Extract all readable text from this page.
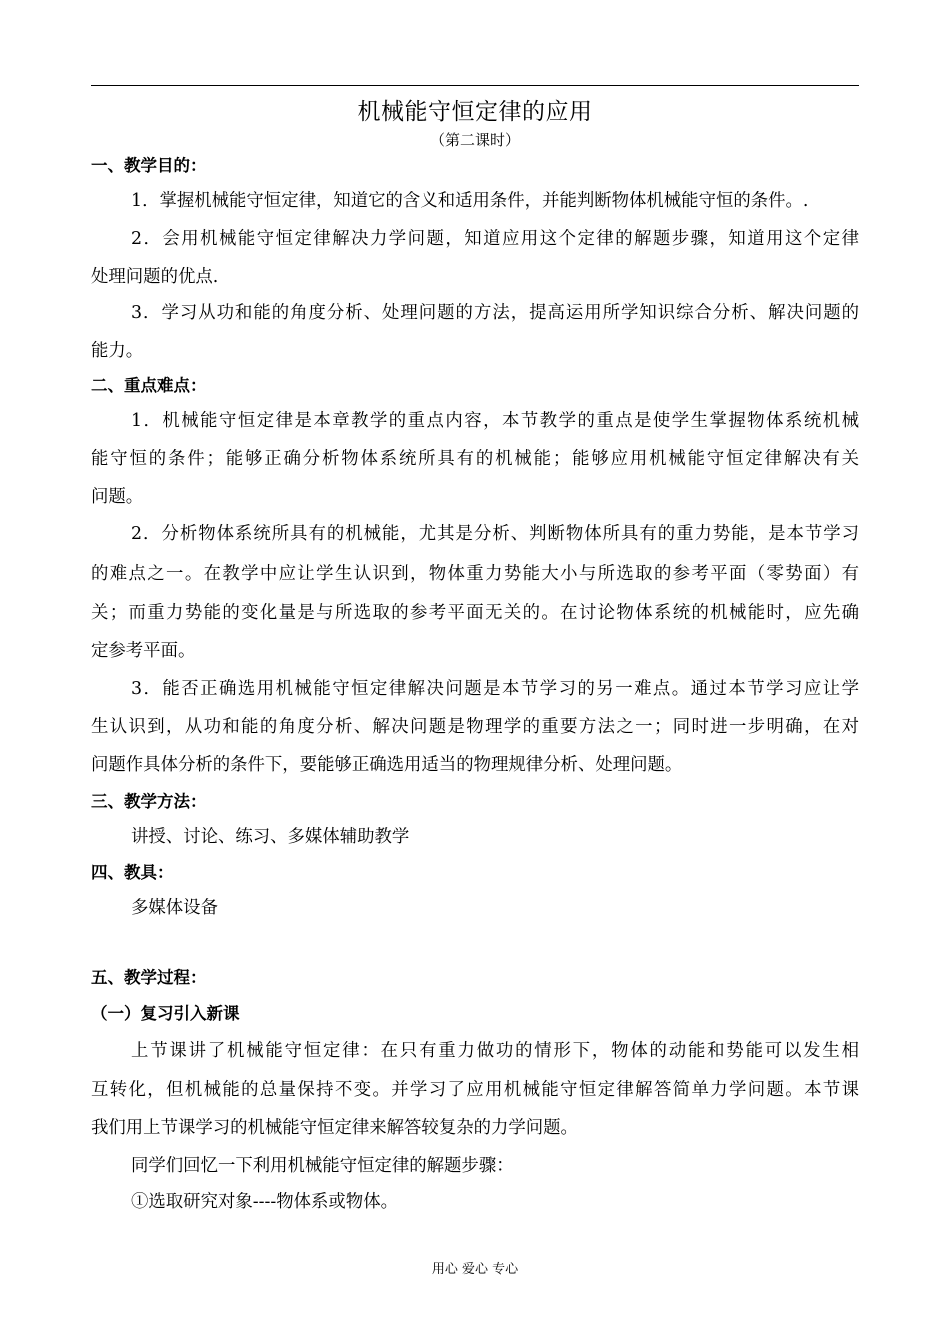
机械能守恒定律的应用
（第二课时）
一、教学目的：
1．掌握机械能守恒定律，知道它的含义和适用条件，并能判断物体机械能守恒的条件。.
2．会用机械能守恒定律解决力学问题，知道应用这个定律的解题步骤，知道用这个定律
处理问题的优点.
3．学习从功和能的角度分析、处理问题的方法，提高运用所学知识综合分析、解决问题的
能力。
二、重点难点：
1．机械能守恒定律是本章教学的重点内容，本节教学的重点是使学生掌握物体系统机械
能守恒的条件；能够正确分析物体系统所具有的机械能；能够应用机械能守恒定律解决有关
问题。
2．分析物体系统所具有的机械能，尤其是分析、判断物体所具有的重力势能，是本节学习
的难点之一。在教学中应让学生认识到，物体重力势能大小与所选取的参考平面（零势面）有
关；而重力势能的变化量是与所选取的参考平面无关的。在讨论物体系统的机械能时，应先确
定参考平面。
3．能否正确选用机械能守恒定律解决问题是本节学习的另一难点。通过本节学习应让学
生认识到，从功和能的角度分析、解决问题是物理学的重要方法之一；同时进一步明确，在对
问题作具体分析的条件下，要能够正确选用适当的物理规律分析、处理问题。
三、教学方法：
讲授、讨论、练习、多媒体辅助教学
四、教具：
多媒体设备
五、教学过程：
（一）复习引入新课
上节课讲了机械能守恒定律：在只有重力做功的情形下，物体的动能和势能可以发生相
互转化，但机械能的总量保持不变。并学习了应用机械能守恒定律解答简单力学问题。本节课
我们用上节课学习的机械能守恒定律来解答较复杂的力学问题。
同学们回忆一下利用机械能守恒定律的解题步骤：
①选取研究对象----物体系或物体。
用心 爱心 专心
